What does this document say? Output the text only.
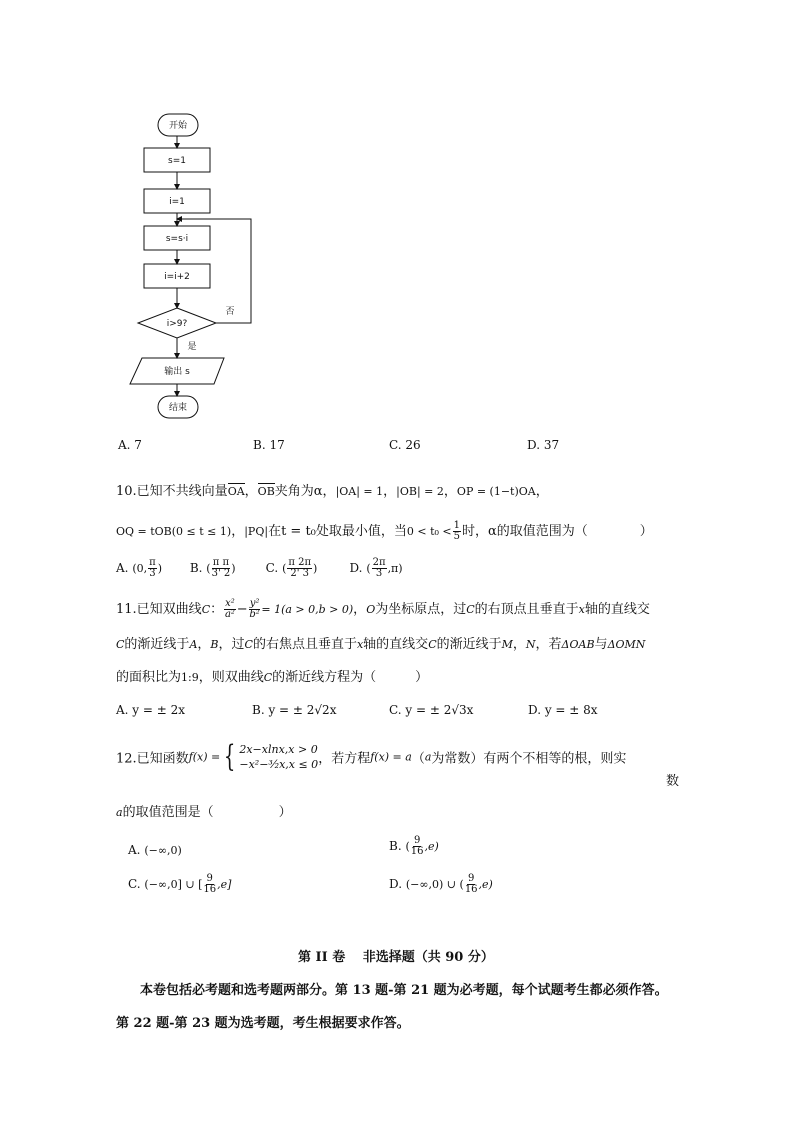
开始
s=1
i=1
s=s·i
i=i+2
i>9?
否
是
输出 s
结束
A. 7	B. 17	C. 26	D. 37
10.已知不共线向量OA，OB夹角为α，|OA| = 1，|OB| = 2，OP = (1−t)OA，
OQ = tOB(0 ≤ t ≤ 1)，|PQ|在t = t₀处取最小值，当$0 < t_0 < \frac{1}{5}$ 时，α的取值范围为（　　　　）
A. (0, $\frac{\pi}{3}$ ) B. ( $\frac{\text{π π}}{3' 2}$ )	C. ( $\frac{\pi 2\pi}{2' 3}$ )	D. ( $\frac{2\pi}{3} ,\pi$)
11.已知双曲线C： $\frac{\text{x²}}{\text{a²}} - \frac{\text{y²}}{\text{b²}} = 1(a > 0,b > 0)$，O为坐标原点，过C的右顶点且垂直于x轴的直线交
C的渐近线于A，B，过C的右焦点且垂直于x轴的直线交C的渐近线于M，N，若ΔOAB与ΔOMN
的面积比为1:9，则双曲线C的渐近线方程为（　　　）
A. y = ± 2x	B. y = ± 2√2x	C. y = ± 2√3x	D. y = ± 8x
12.已知函数f(x) = { 2x−xlnx,x > 0
−x²−³⁄₂x,x ≤ 0，若方程f(x) = a（a为常数）有两个不相等的根，则实
数
a的取值范围是（　　　　　）
A. (−∞,0)	B. ( $\frac{9}{16} ,e$)
C. (−∞,0] ∪ [ $\frac{9}{16} ,e$]	D. (−∞,0) ∪ ( $\frac{9}{16} ,e$)
第 II 卷　 非选择题（共 90 分）
本卷包括必考题和选考题两部分。第 13 题-第 21 题为必考题，每个试题考生都必须作答。
第 22 题-第 23 题为选考题，考生根据要求作答。
